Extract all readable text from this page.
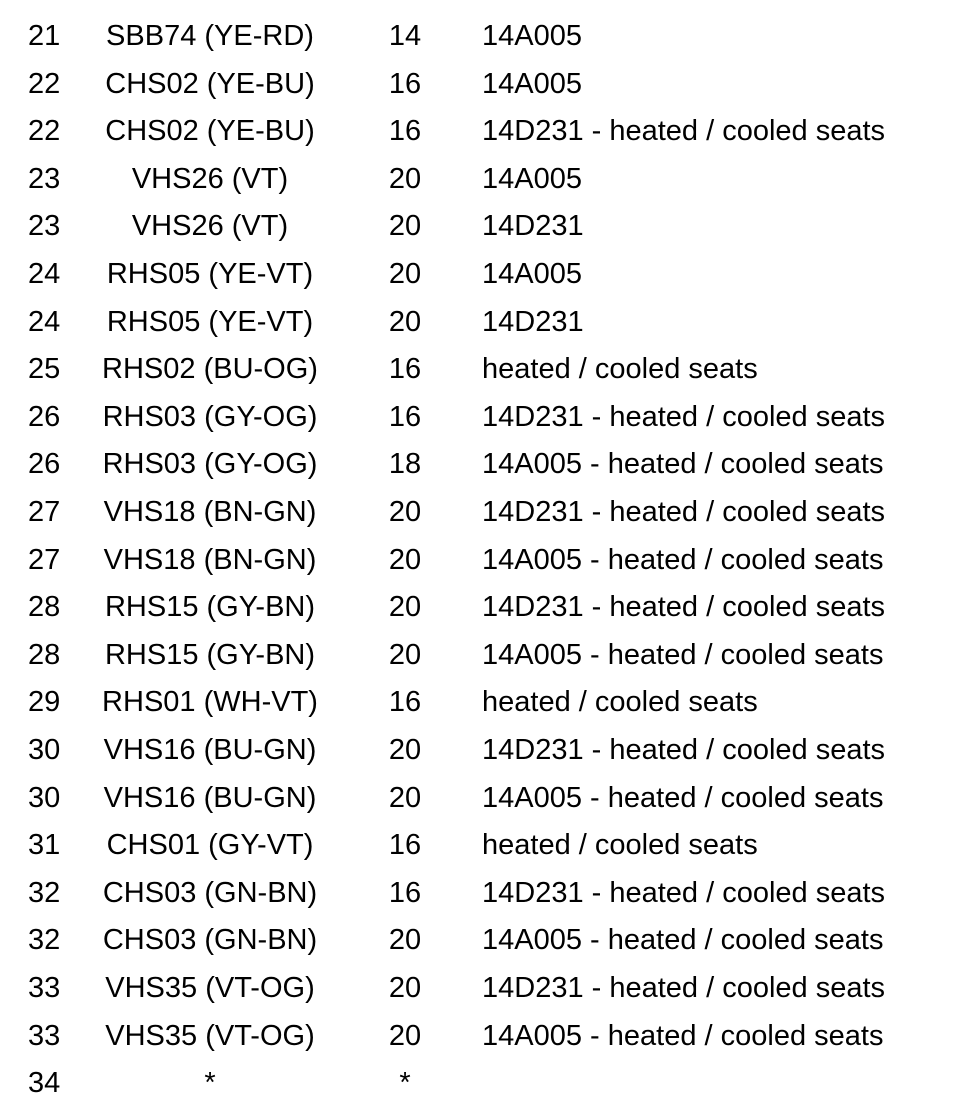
21 SBB74 (YE-RD)	14 14A005
22 CHS02 (YE-BU)	16 14A005
22 CHS02 (YE-BU)	16 14D231 - heated / cooled seats
23 VHS26 (VT)	20 14A005
23 VHS26 (VT)	20 14D231
24 RHS05 (YE-VT)	20 14A005
24 RHS05 (YE-VT)	20 14D231
25 RHS02 (BU-OG) 16 heated / cooled seats
26 RHS03 (GY-OG) 16 14D231 - heated / cooled seats
26 RHS03 (GY-OG) 18 14A005 - heated / cooled seats
27 VHS18 (BN-GN)	20 14D231 - heated / cooled seats
27 VHS18 (BN-GN)	20 14A005 - heated / cooled seats
28 RHS15 (GY-BN)	20 14D231 - heated / cooled seats
28 RHS15 (GY-BN)	20 14A005 - heated / cooled seats
29 RHS01 (WH-VT) 16 heated / cooled seats
30 VHS16 (BU-GN)	20 14D231 - heated / cooled seats
30 VHS16 (BU-GN)	20 14A005 - heated / cooled seats
31 CHS01 (GY-VT)	16 heated / cooled seats
32 CHS03 (GN-BN) 16 14D231 - heated / cooled seats
32 CHS03 (GN-BN) 20 14A005 - heated / cooled seats
33 VHS35 (VT-OG)	20 14D231 - heated / cooled seats
33 VHS35 (VT-OG)	20 14A005 - heated / cooled seats
34	*	*
